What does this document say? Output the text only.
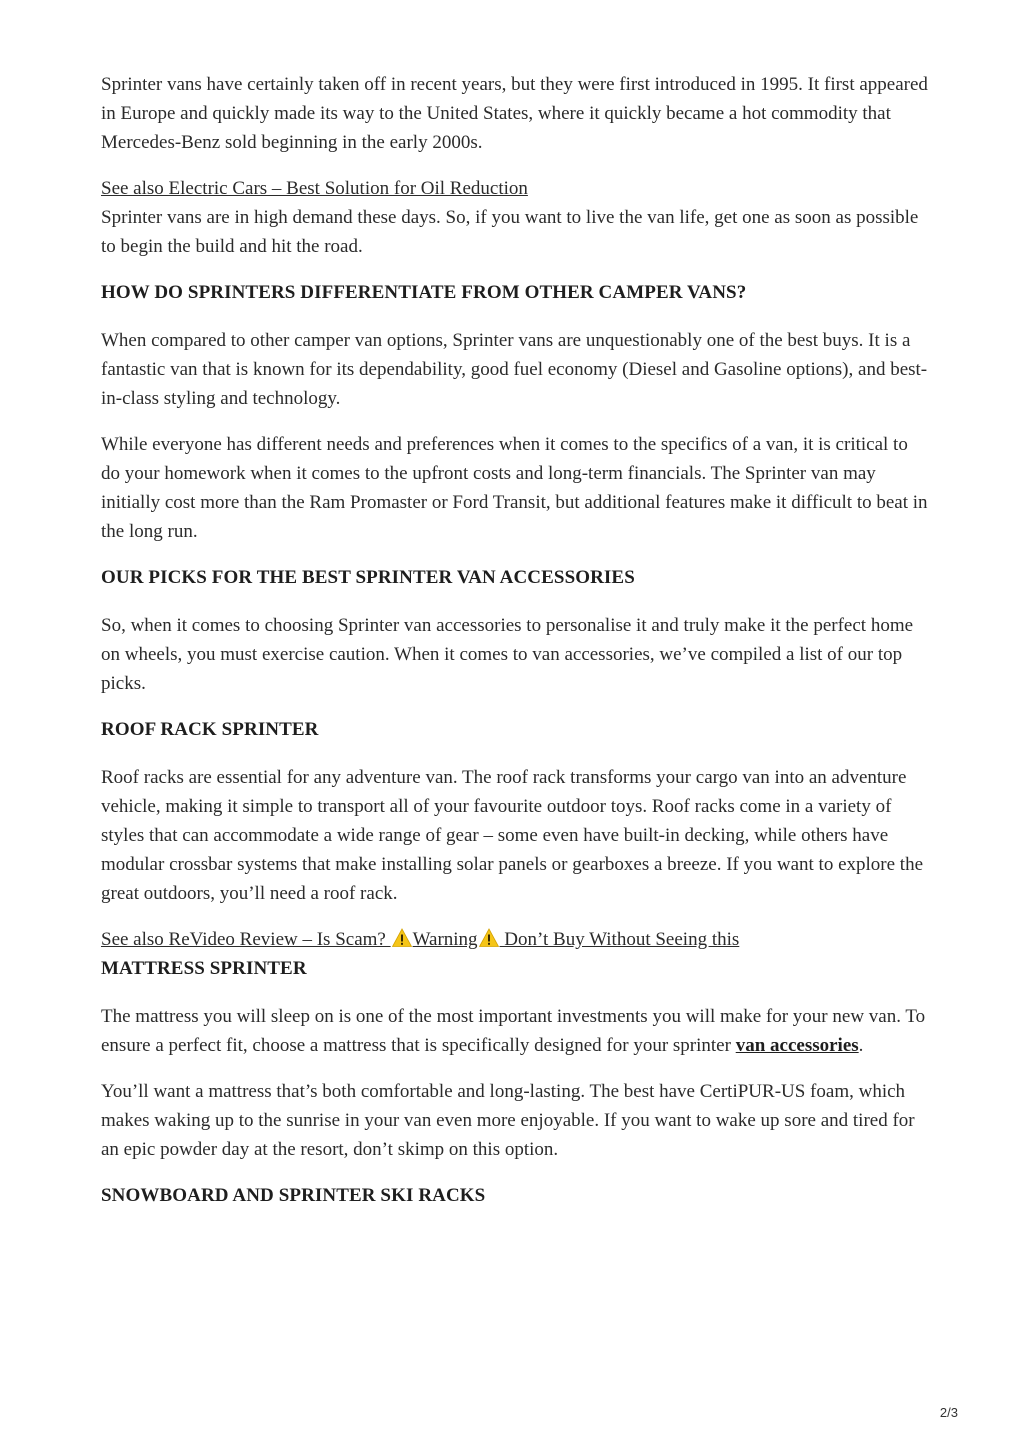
Sprinter vans have certainly taken off in recent years, but they were first introduced in 1995. It first appeared in Europe and quickly made its way to the United States, where it quickly became a hot commodity that Mercedes-Benz sold beginning in the early 2000s.

See also Electric Cars – Best Solution for Oil Reduction

Sprinter vans are in high demand these days. So, if you want to live the van life, get one as soon as possible to begin the build and hit the road.

HOW DO SPRINTERS DIFFERENTIATE FROM OTHER CAMPER VANS?

When compared to other camper van options, Sprinter vans are unquestionably one of the best buys. It is a fantastic van that is known for its dependability, good fuel economy (Diesel and Gasoline options), and best-in-class styling and technology.

While everyone has different needs and preferences when it comes to the specifics of a van, it is critical to do your homework when it comes to the upfront costs and long-term financials. The Sprinter van may initially cost more than the Ram Promaster or Ford Transit, but additional features make it difficult to beat in the long run.

OUR PICKS FOR THE BEST SPRINTER VAN ACCESSORIES

So, when it comes to choosing Sprinter van accessories to personalise it and truly make it the perfect home on wheels, you must exercise caution. When it comes to van accessories, we’ve compiled a list of our top picks.

ROOF RACK SPRINTER

Roof racks are essential for any adventure van. The roof rack transforms your cargo van into an adventure vehicle, making it simple to transport all of your favourite outdoor toys. Roof racks come in a variety of styles that can accommodate a wide range of gear – some even have built-in decking, while others have modular crossbar systems that make installing solar panels or gearboxes a breeze. If you want to explore the great outdoors, you’ll need a roof rack.

See also ReVideo Review – Is Scam? Warning Don’t Buy Without Seeing this
MATTRESS SPRINTER

The mattress you will sleep on is one of the most important investments you will make for your new van. To ensure a perfect fit, choose a mattress that is specifically designed for your sprinter van accessories.

You’ll want a mattress that’s both comfortable and long-lasting. The best have CertiPUR-US foam, which makes waking up to the sunrise in your van even more enjoyable. If you want to wake up sore and tired for an epic powder day at the resort, don’t skimp on this option.

SNOWBOARD AND SPRINTER SKI RACKS
2/3
